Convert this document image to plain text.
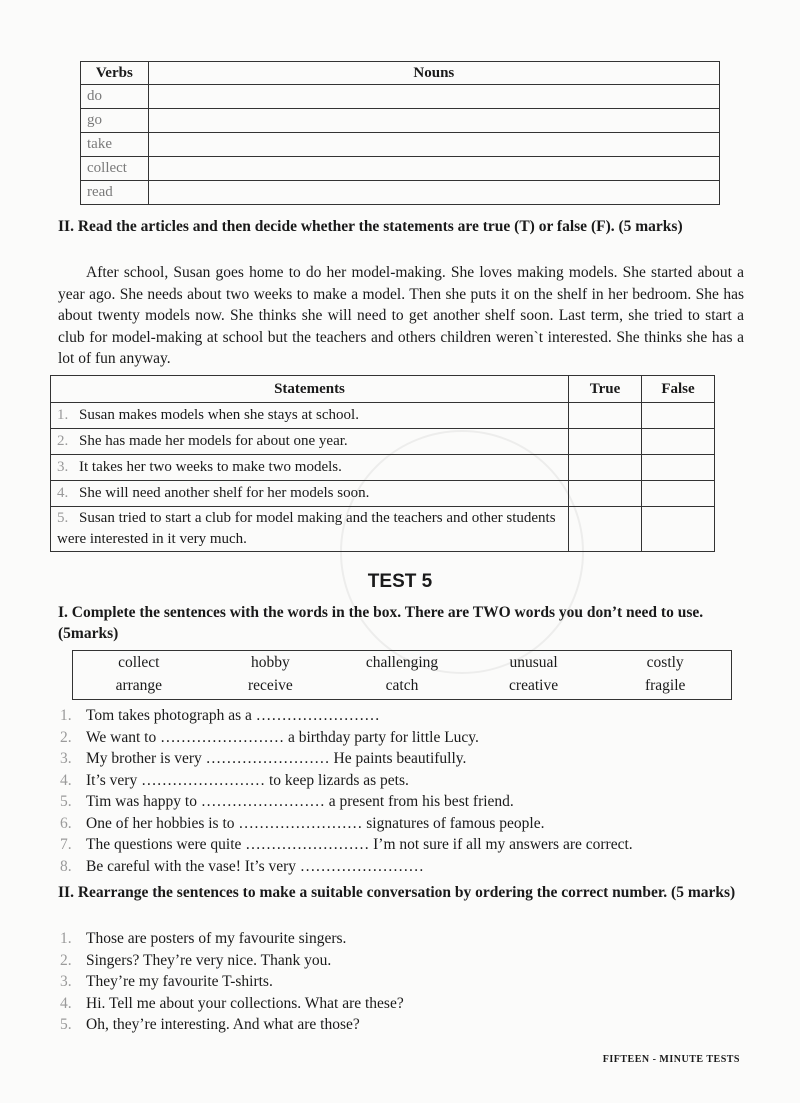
Verbs	Nouns
do	
go	
take	
collect	
read	
II. Read the articles and then decide whether the statements are true (T) or false (F). (5 marks)

After school, Susan goes home to do her model-making. She loves making models. She started about a year ago. She needs about two weeks to make a model. Then she puts it on the shelf in her bedroom. She has about twenty models now. She thinks she will need to get another shelf soon. Last term, she tried to start a club for model-making at school but the teachers and others children weren`t interested. She thinks she has a lot of fun anyway.

Statements	True	False
1. Susan makes models when she stays at school.		
2. She has made her models for about one year.		
3. It takes her two weeks to make two models.		
4. She will need another shelf for her models soon.		
5. Susan tried to start a club for model making and the teachers and other students were interested in it very much.		
TEST 5
I. Complete the sentences with the words in the box. There are TWO words you don’t need to use. (5marks)
collect	hobby	challenging	unusual	costly
arrange	receive	catch	creative	fragile
1. Tom takes photograph as a ……………………
2. We want to …………………… a birthday party for little Lucy.
3. My brother is very …………………… He paints beautifully.
4. It’s very …………………… to keep lizards as pets.
5. Tim was happy to …………………… a present from his best friend.
6. One of her hobbies is to …………………… signatures of famous people.
7. The questions were quite …………………… I’m not sure if all my answers are correct.
8. Be careful with the vase! It’s very ……………………
II. Rearrange the sentences to make a suitable conversation by ordering the correct number. (5 marks)
1. Those are posters of my favourite singers.
2. Singers? They’re very nice. Thank you.
3. They’re my favourite T-shirts.
4. Hi. Tell me about your collections. What are these?
5. Oh, they’re interesting. And what are those?
FIFTEEN - MINUTE TESTS
